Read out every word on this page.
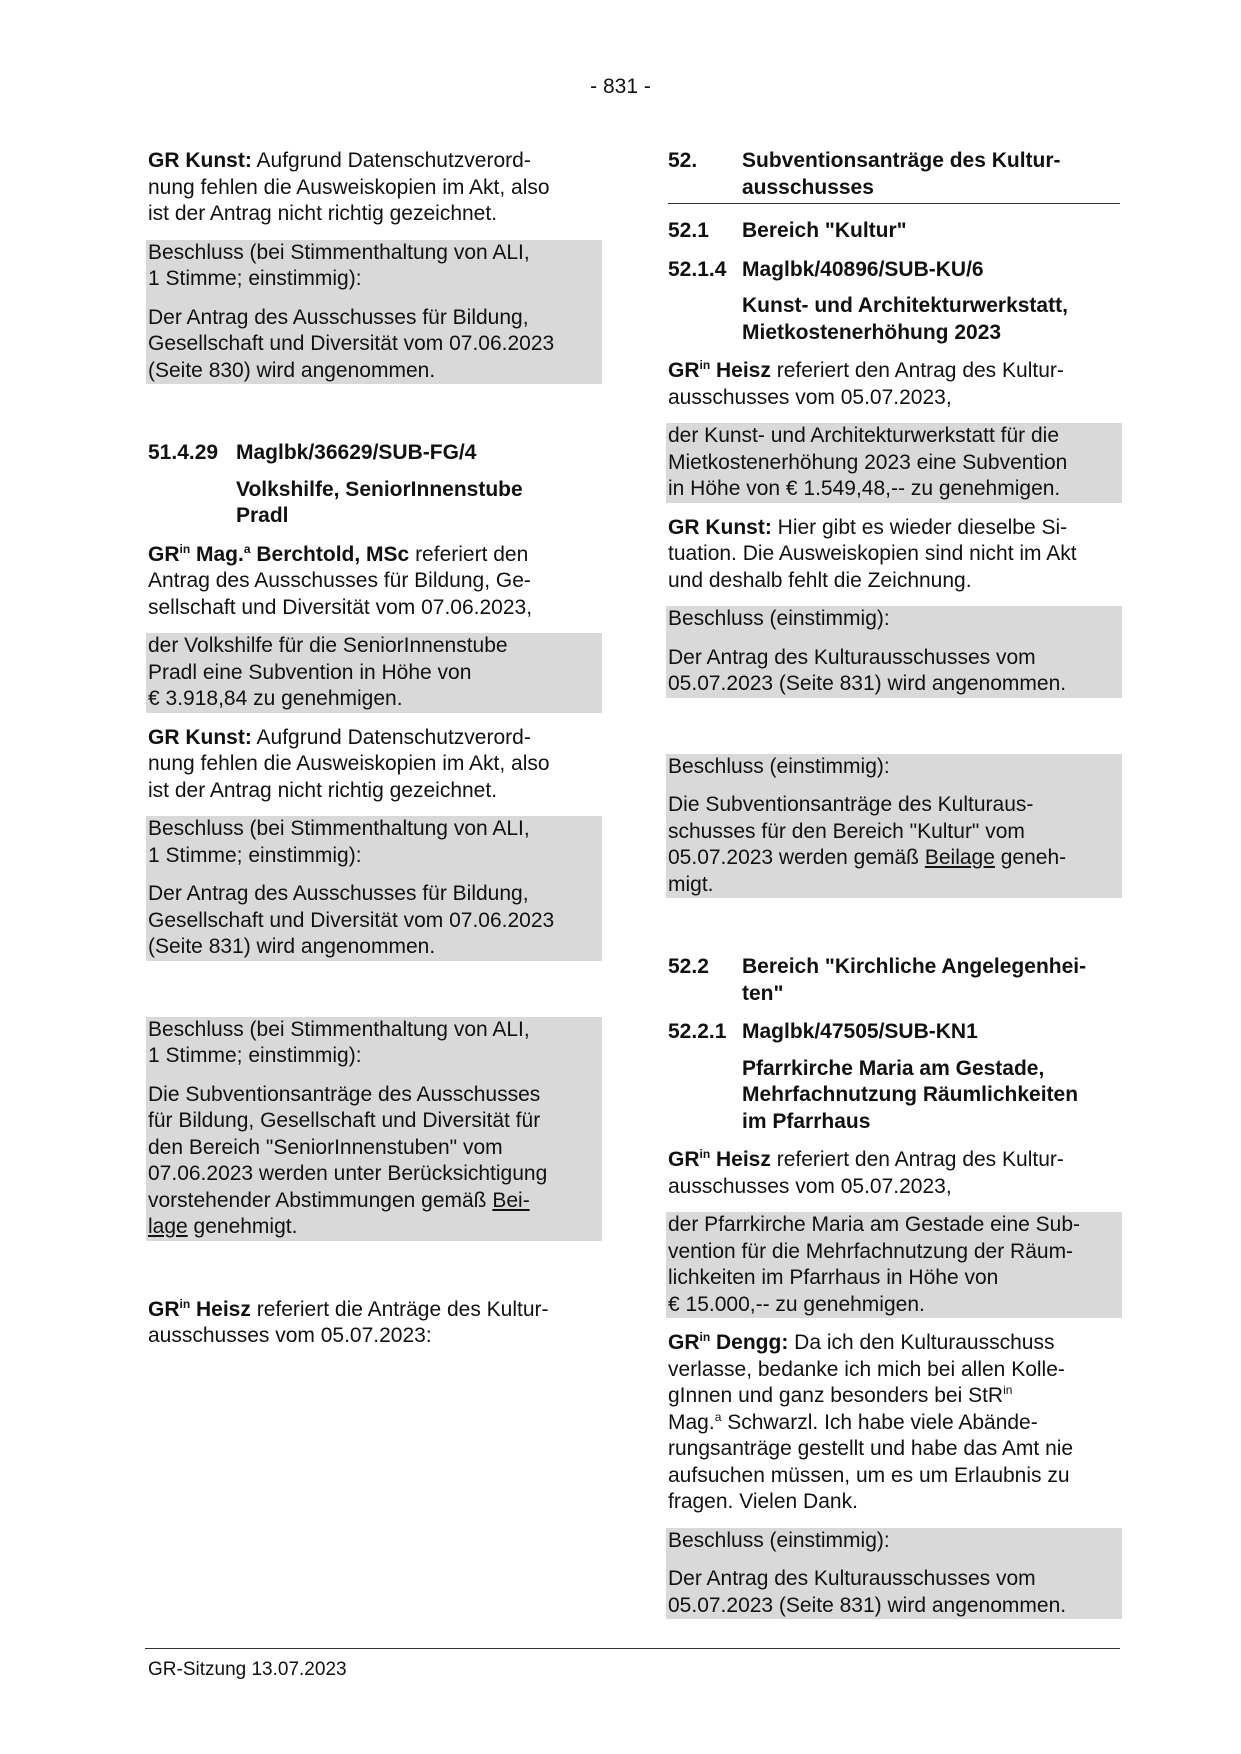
- 831 -

GR Kunst: Aufgrund Datenschutzverord-
nung fehlen die Ausweiskopien im Akt, also
ist der Antrag nicht richtig gezeichnet.

Beschluss (bei Stimmenthaltung von ALI,
1 Stimme; einstimmig):

Der Antrag des Ausschusses für Bildung,
Gesellschaft und Diversität vom 07.06.2023
(Seite 830) wird angenommen.

51.4.29 Maglbk/36629/SUB-FG/4

Volkshilfe, SeniorInnenstube
Pradl

$GR^{in}$ Mag.$^a$ Berchtold, MSc referiert den
Antrag des Ausschusses für Bildung, Ge-
sellschaft und Diversität vom 07.06.2023,

der Volkshilfe für die SeniorInnenstube
Pradl eine Subvention in Höhe von
€ 3.918,84 zu genehmigen.

GR Kunst: Aufgrund Datenschutzverord-
nung fehlen die Ausweiskopien im Akt, also
ist der Antrag nicht richtig gezeichnet.

Beschluss (bei Stimmenthaltung von ALI,
1 Stimme; einstimmig):

Der Antrag des Ausschusses für Bildung,
Gesellschaft und Diversität vom 07.06.2023
(Seite 831) wird angenommen.

Beschluss (bei Stimmenthaltung von ALI,
1 Stimme; einstimmig):

Die Subventionsanträge des Ausschusses
für Bildung, Gesellschaft und Diversität für
den Bereich "SeniorInnenstuben" vom
07.06.2023 werden unter Berücksichtigung
vorstehender Abstimmungen gemäß Bei-
lage genehmigt.

$GR^{in}$ Heisz referiert die Anträge des Kultur-
ausschusses vom 05.07.2023:

52.	Subventionsanträge des Kultur-
ausschusses
52.1	Bereich "Kultur"
52.1.4 Maglbk/40896/SUB-KU/6

Kunst- und Architekturwerkstatt,
Mietkostenerhöhung 2023

$GR^{in}$ Heisz referiert den Antrag des Kultur-
ausschusses vom 05.07.2023,

der Kunst- und Architekturwerkstatt für die
Mietkostenerhöhung 2023 eine Subvention
in Höhe von € 1.549,48,-- zu genehmigen.

GR Kunst: Hier gibt es wieder dieselbe Si-
tuation. Die Ausweiskopien sind nicht im Akt
und deshalb fehlt die Zeichnung.

Beschluss (einstimmig):

Der Antrag des Kulturausschusses vom
05.07.2023 (Seite 831) wird angenommen.

Beschluss (einstimmig):

Die Subventionsanträge des Kulturaus-
schusses für den Bereich "Kultur" vom
05.07.2023 werden gemäß Beilage geneh-
migt.

52.2	Bereich "Kirchliche Angelegenhei-
ten"
52.2.1 Maglbk/47505/SUB-KN1

Pfarrkirche Maria am Gestade,
Mehrfachnutzung Räumlichkeiten
im Pfarrhaus

$GR^{in}$ Heisz referiert den Antrag des Kultur-
ausschusses vom 05.07.2023,

der Pfarrkirche Maria am Gestade eine Sub-
vention für die Mehrfachnutzung der Räum-
lichkeiten im Pfarrhaus in Höhe von
€ 15.000,-- zu genehmigen.

$GR^{in}$ Dengg: Da ich den Kulturausschuss
verlasse, bedanke ich mich bei allen Kolle-
gInnen und ganz besonders bei StR$^{in}$
Mag.$^a$ Schwarzl. Ich habe viele Abände-
rungsanträge gestellt und habe das Amt nie
aufsuchen müssen, um es um Erlaubnis zu
fragen. Vielen Dank.

Beschluss (einstimmig):

Der Antrag des Kulturausschusses vom
05.07.2023 (Seite 831) wird angenommen.

GR-Sitzung 13.07.2023
